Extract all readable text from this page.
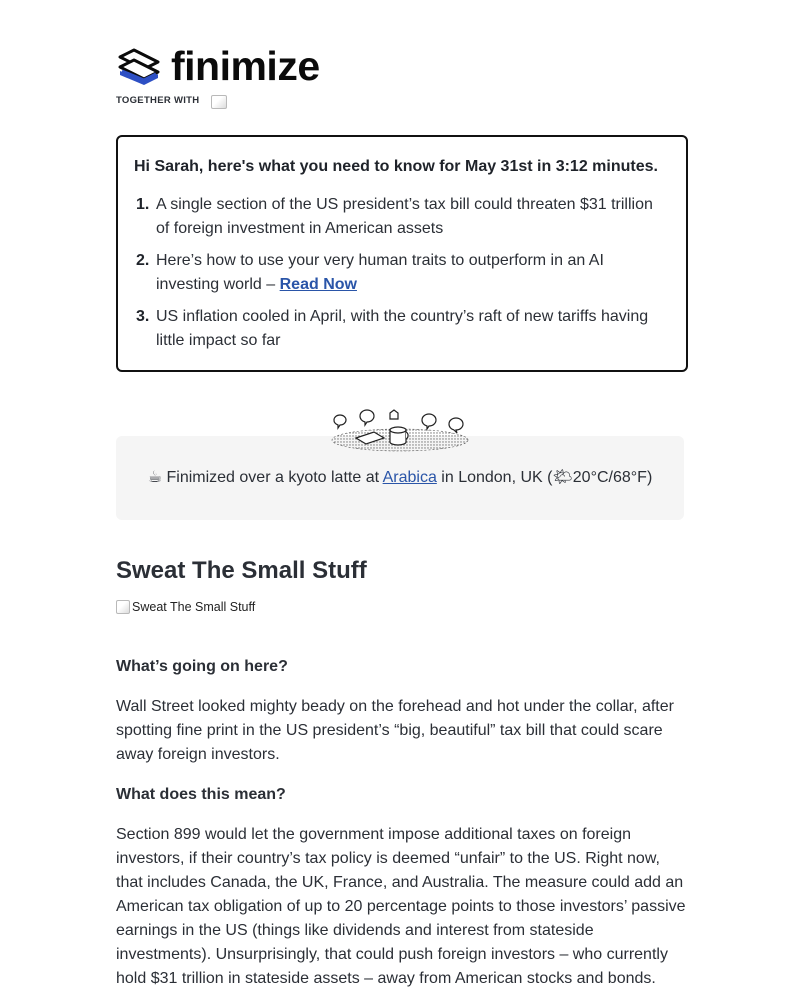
finimize
TOGETHER WITH

Hi Sarah, here's what you need to know for May 31st in 3:12 minutes.

1. A single section of the US president’s tax bill could threaten $31 trillion of foreign investment in American assets
2. Here’s how to use your very human traits to outperform in an AI investing world – Read Now
3. US inflation cooled in April, with the country’s raft of new tariffs having little impact so far
☕ Finimized over a kyoto latte at Arabica in London, UK (🌤20°C/68°F)
Sweat The Small Stuff
Sweat The Small Stuff

What’s going on here?

Wall Street looked mighty beady on the forehead and hot under the collar, after spotting fine print in the US president’s “big, beautiful” tax bill that could scare away foreign investors.

What does this mean?

Section 899 would let the government impose additional taxes on foreign investors, if their country’s tax policy is deemed “unfair” to the US. Right now, that includes Canada, the UK, France, and Australia. The measure could add an American tax obligation of up to 20 percentage points to those investors’ passive earnings in the US (things like dividends and interest from stateside investments). Unsurprisingly, that could push foreign investors – who currently hold $31 trillion in stateside assets – away from American stocks and bonds.
